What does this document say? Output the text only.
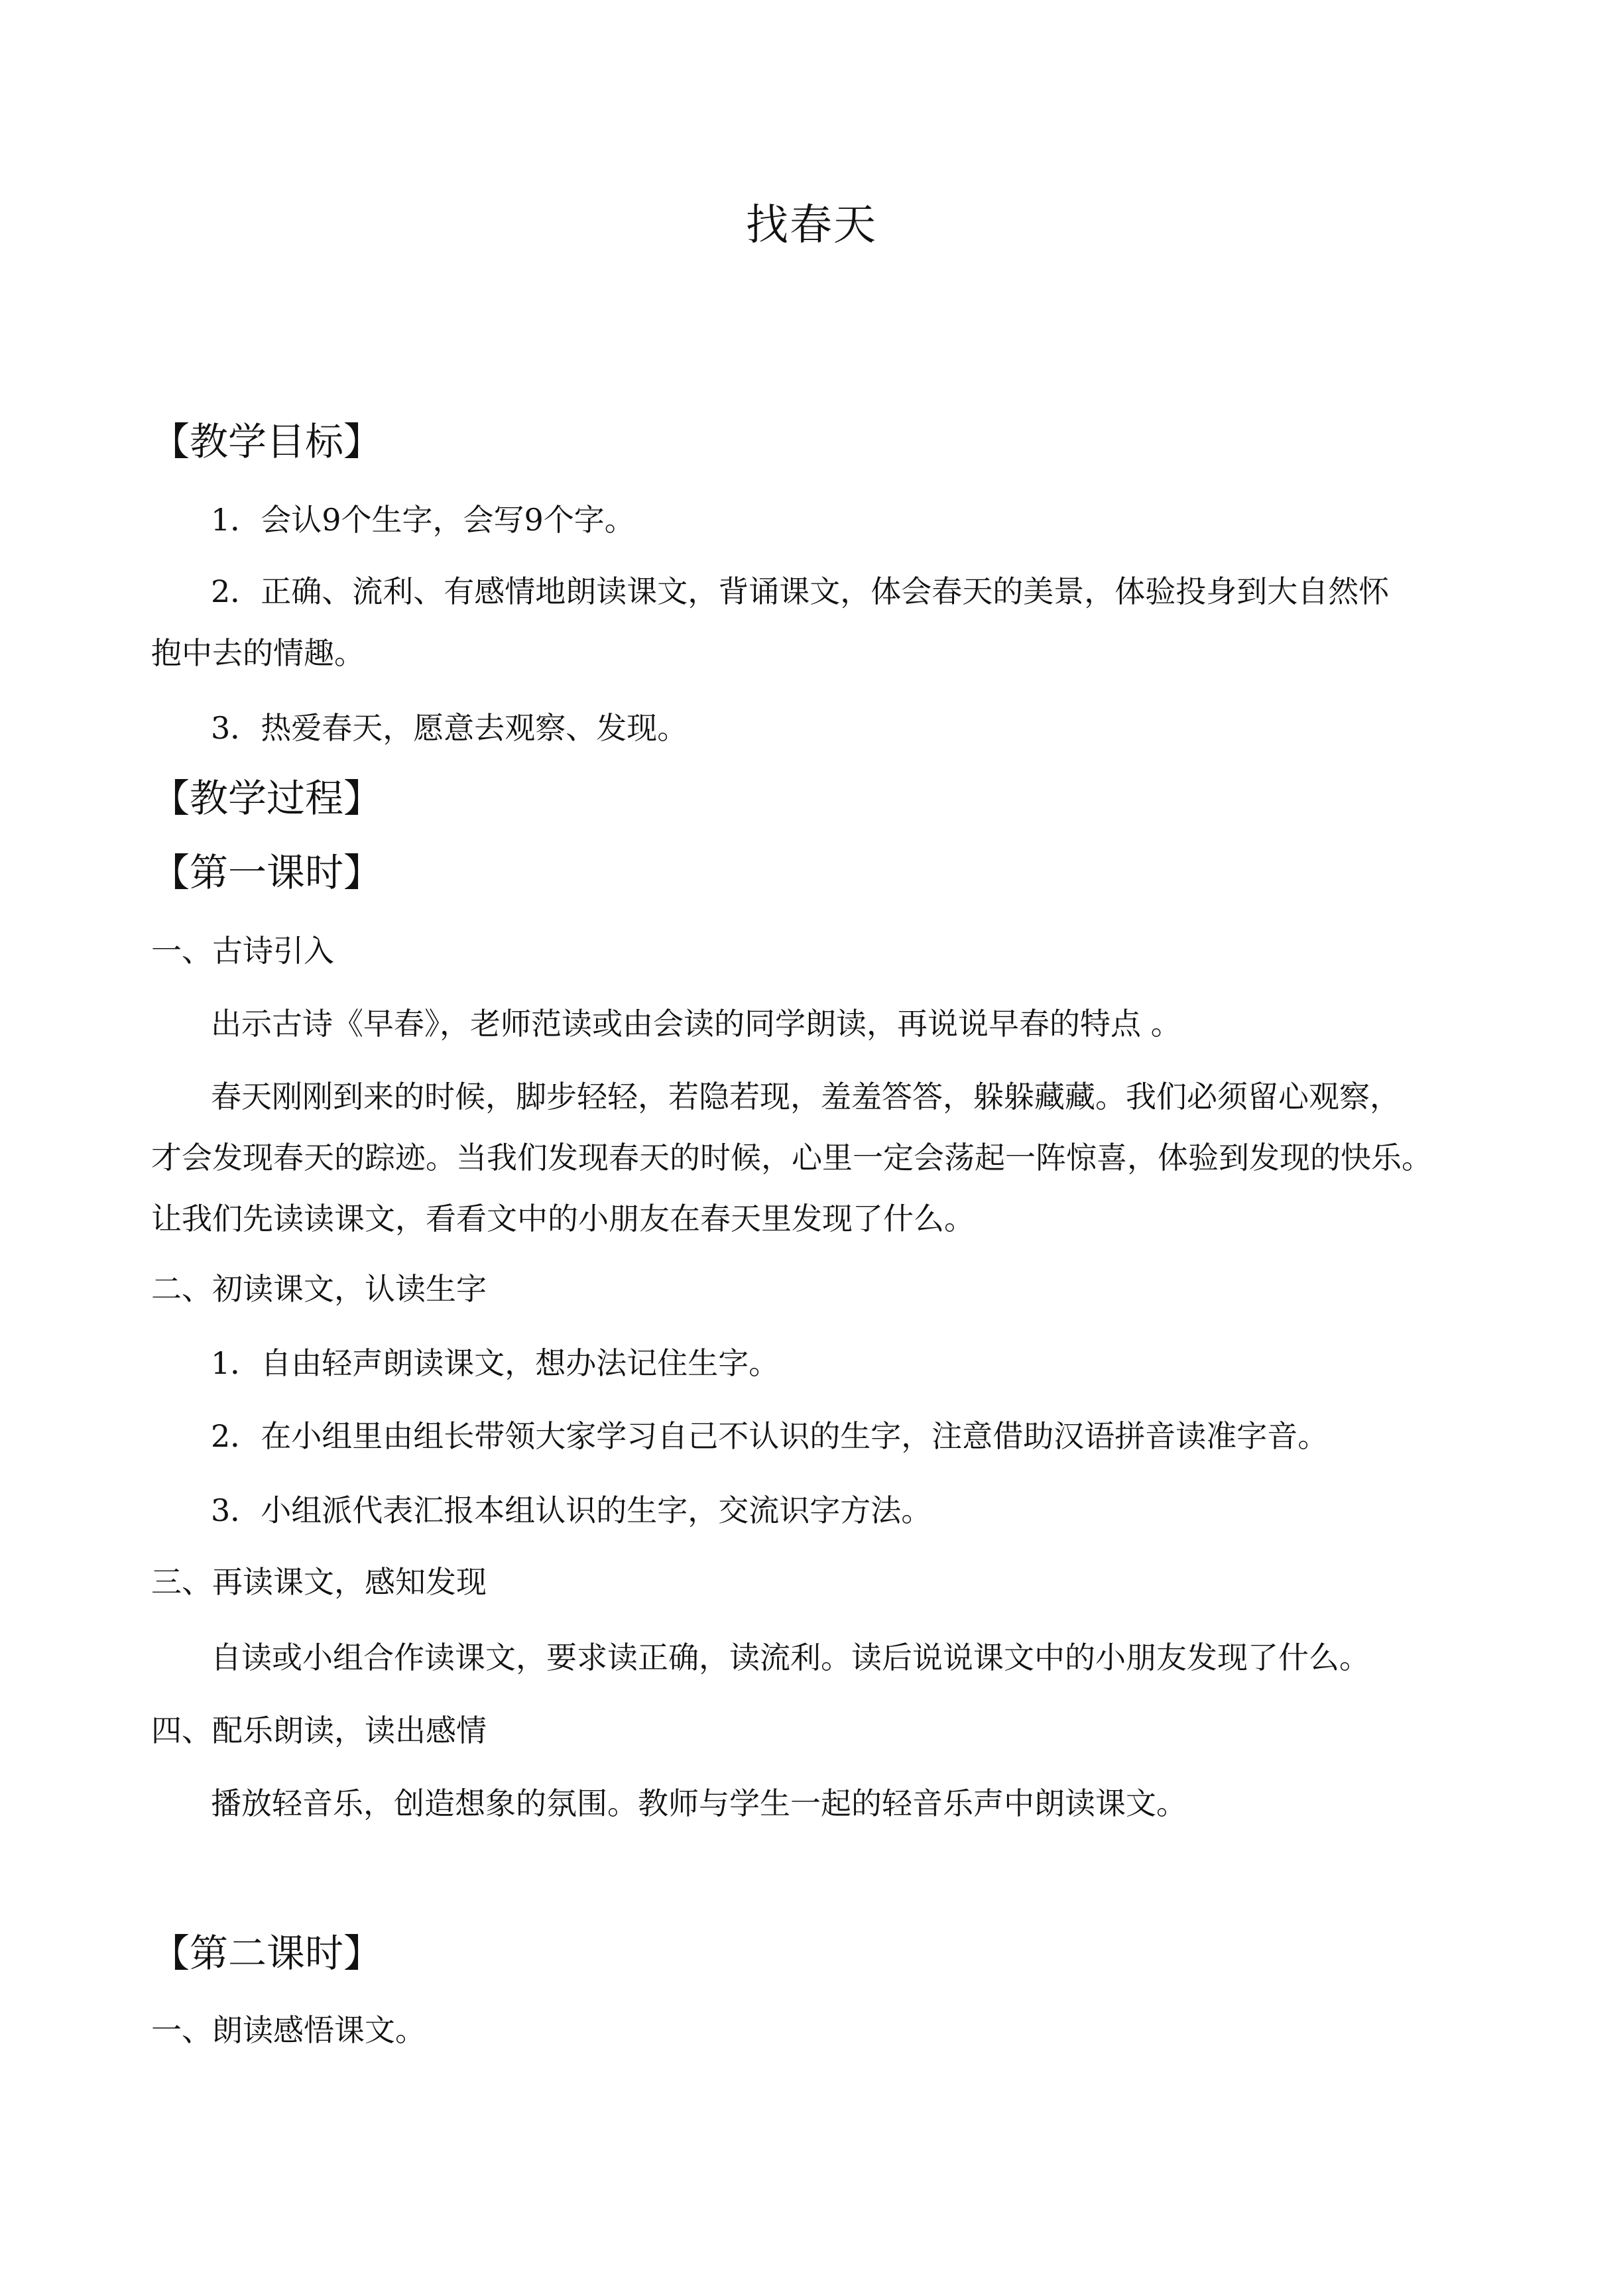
找春天
【教学目标】
1．会认9个生字，会写9个字。
2．正确、流利、有感情地朗读课文，背诵课文，体会春天的美景，体验投身到大自然怀
抱中去的情趣。
3．热爱春天，愿意去观察、发现。
【教学过程】
【第一课时】
一、古诗引入
出示古诗《早春》，老师范读或由会读的同学朗读，再说说早春的特点 。
春天刚刚到来的时候，脚步轻轻，若隐若现，羞羞答答，躲躲藏藏。我们必须留心观察，
才会发现春天的踪迹。当我们发现春天的时候，心里一定会荡起一阵惊喜，体验到发现的快乐。
让我们先读读课文，看看文中的小朋友在春天里发现了什么。
二、初读课文，认读生字
1．自由轻声朗读课文，想办法记住生字。
2．在小组里由组长带领大家学习自己不认识的生字，注意借助汉语拼音读准字音。
3．小组派代表汇报本组认识的生字，交流识字方法。
三、再读课文，感知发现
自读或小组合作读课文，要求读正确，读流利。读后说说课文中的小朋友发现了什么。
四、配乐朗读，读出感情
播放轻音乐，创造想象的氛围。教师与学生一起的轻音乐声中朗读课文。
【第二课时】
一、朗读感悟课文。
